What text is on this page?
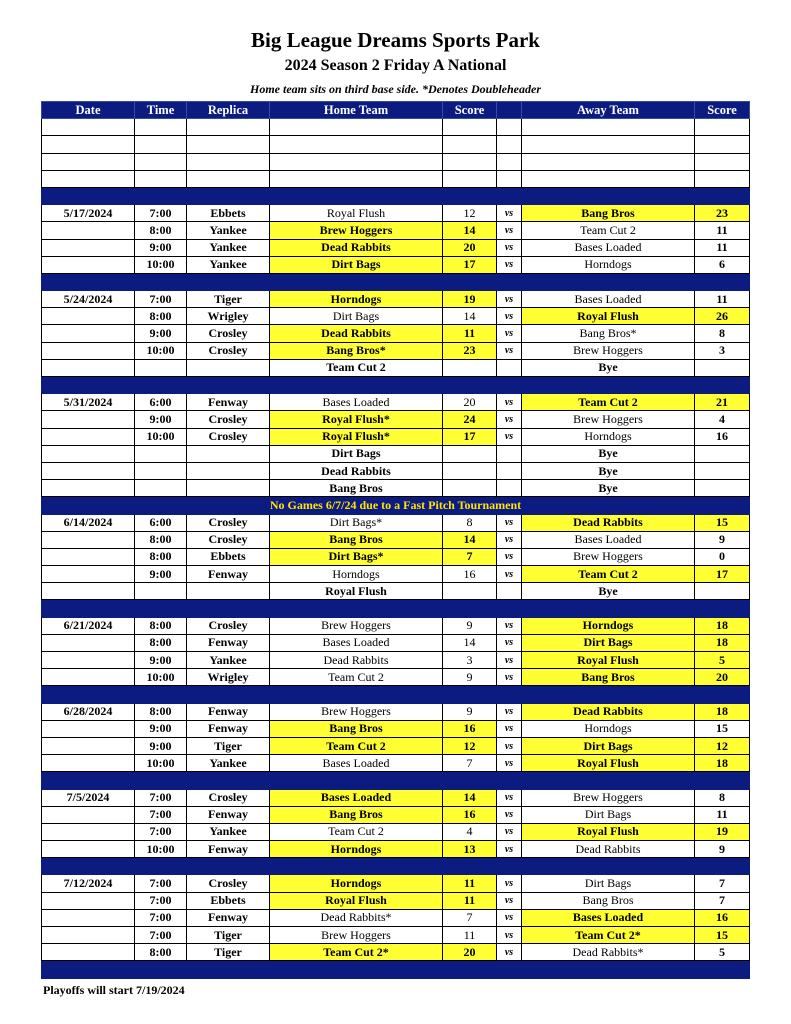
Big League Dreams Sports Park
2024 Season 2 Friday A National
Home team sits on third base side. *Denotes Doubleheader
Date	Time	Replica	Home Team	Score		Away Team	Score

5/17/2024	7:00	Ebbets	Royal Flush	12	vs	Bang Bros	23
	8:00	Yankee	Brew Hoggers	14	vs	Team Cut 2	11
	9:00	Yankee	Dead Rabbits	20	vs	Bases Loaded	11
	10:00	Yankee	Dirt Bags	17	vs	Horndogs	6

5/24/2024	7:00	Tiger	Horndogs	19	vs	Bases Loaded	11
	8:00	Wrigley	Dirt Bags	14	vs	Royal Flush	26
	9:00	Crosley	Dead Rabbits	11	vs	Bang Bros*	8
	10:00	Crosley	Bang Bros*	23	vs	Brew Hoggers	3
			Team Cut 2			Bye	

5/31/2024	6:00	Fenway	Bases Loaded	20	vs	Team Cut 2	21
	9:00	Crosley	Royal Flush*	24	vs	Brew Hoggers	4
	10:00	Crosley	Royal Flush*	17	vs	Horndogs	16
			Dirt Bags			Bye	
			Dead Rabbits			Bye	
			Bang Bros			Bye	
No Games 6/7/24 due to a Fast Pitch Tournament							
6/14/2024	6:00	Crosley	Dirt Bags*	8	vs	Dead Rabbits	15
	8:00	Crosley	Bang Bros	14	vs	Bases Loaded	9
	8:00	Ebbets	Dirt Bags*	7	vs	Brew Hoggers	0
	9:00	Fenway	Horndogs	16	vs	Team Cut 2	17
			Royal Flush			Bye	

6/21/2024	8:00	Crosley	Brew Hoggers	9	vs	Horndogs	18
	8:00	Fenway	Bases Loaded	14	vs	Dirt Bags	18
	9:00	Yankee	Dead Rabbits	3	vs	Royal Flush	5
	10:00	Wrigley	Team Cut 2	9	vs	Bang Bros	20

6/28/2024	8:00	Fenway	Brew Hoggers	9	vs	Dead Rabbits	18
	9:00	Fenway	Bang Bros	16	vs	Horndogs	15
	9:00	Tiger	Team Cut 2	12	vs	Dirt Bags	12
	10:00	Yankee	Bases Loaded	7	vs	Royal Flush	18

7/5/2024	7:00	Crosley	Bases Loaded	14	vs	Brew Hoggers	8
	7:00	Fenway	Bang Bros	16	vs	Dirt Bags	11
	7:00	Yankee	Team Cut 2	4	vs	Royal Flush	19
	10:00	Fenway	Horndogs	13	vs	Dead Rabbits	9

7/12/2024	7:00	Crosley	Horndogs	11	vs	Dirt Bags	7
	7:00	Ebbets	Royal Flush	11	vs	Bang Bros	7
	7:00	Fenway	Dead Rabbits*	7	vs	Bases Loaded	16
	7:00	Tiger	Brew Hoggers	11	vs	Team Cut 2*	15
	8:00	Tiger	Team Cut 2*	20	vs	Dead Rabbits*	5

Playoffs will start 7/19/2024
